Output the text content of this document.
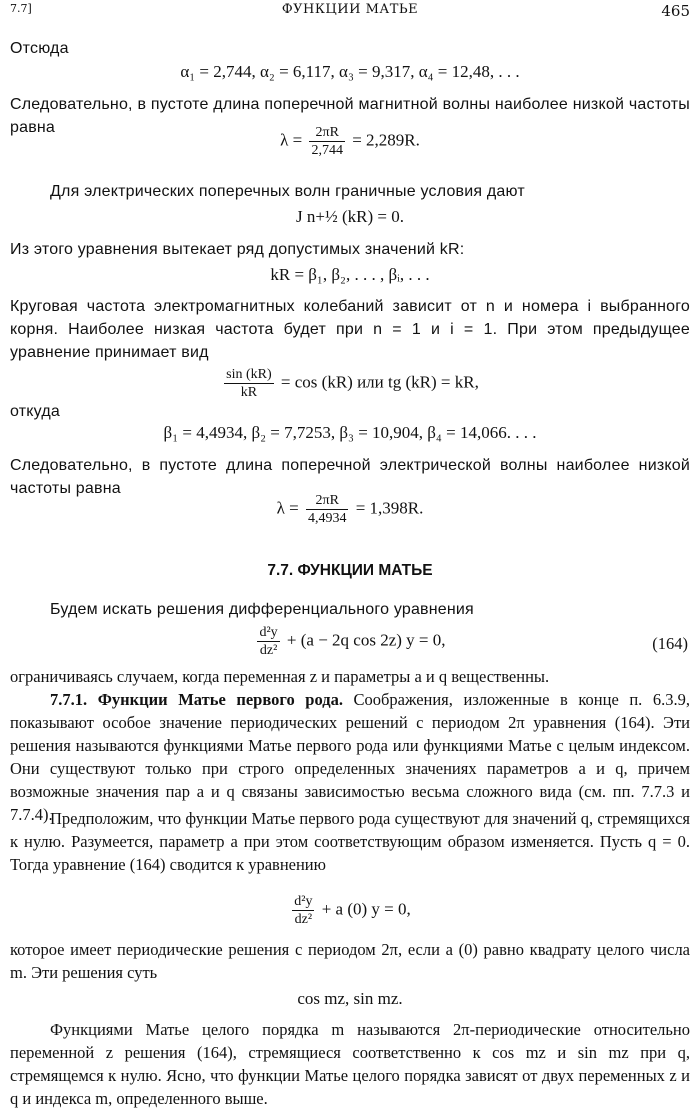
7.7]	ФУНКЦИИ МАТЬЕ	465
Отсюда
α₁ = 2,744, α₂ = 6,117, α₃ = 9,317, α₄ = 12,48, . . .
Следовательно, в пустоте длина поперечной магнитной волны наиболее низкой частоты равна
$\lambda = \frac{2\pi R}{2,744} = 2,289R$.
Для электрических поперечных волн граничные условия дают
J n+½ (kR) = 0.
Из этого уравнения вытекает ряд допустимых значений kR:
kR = β₁, β₂, . . . , βᵢ, . . .
Круговая частота электромагнитных колебаний зависит от n и номера i выбранного корня. Наиболее низкая частота будет при n = 1 и i = 1. При этом предыдущее уравнение принимает вид
$\frac{\sin (kR)}{kR} = \cos (kR)$ или tg (kR) = kR,
откуда
β₁ = 4,4934, β₂ = 7,7253, β₃ = 10,904, β₄ = 14,066. . . .
Следовательно, в пустоте длина поперечной электрической волны наиболее низкой частоты равна
$\lambda = \frac{2\pi R}{4,4934} = 1,398R$.
7.7. ФУНКЦИИ МАТЬЕ
Будем искать решения дифференциального уравнения
$\frac{\text{d²y}}{\text{dz²}} + (a - 2q$ cos 2z) y = 0,	(164)
ограничиваясь случаем, когда переменная z и параметры a и q вещественны.
7.7.1. Функции Матье первого рода. Соображения, изложенные в конце п. 6.3.9, показывают особое значение периодических решений с периодом 2π уравнения (164). Эти решения называются функциями Матье первого рода или функциями Матье с целым индексом. Они существуют только при строго определенных значениях параметров a и q, причем возможные значения пар a и q связаны зависимостью весьма сложного вида (см. пп. 7.7.3 и 7.7.4).
Предположим, что функции Матье первого рода существуют для значений q, стремящихся к нулю. Разумеется, параметр a при этом соответствующим образом изменяется. Пусть q = 0. Тогда уравнение (164) сводится к уравнению
$\frac{\text{d²y}}{\text{dz²}} + a$ (0) y = 0,
которое имеет периодические решения с периодом 2π, если a (0) равно квадрату целого числа m. Эти решения суть
cos mz, sin mz.
Функциями Матье целого порядка m называются 2π-периодические относительно переменной z решения (164), стремящиеся соответственно к cos mz и sin mz при q, стремящемся к нулю. Ясно, что функции Матье целого порядка зависят от двух переменных z и q и индекса m, определенного выше.
